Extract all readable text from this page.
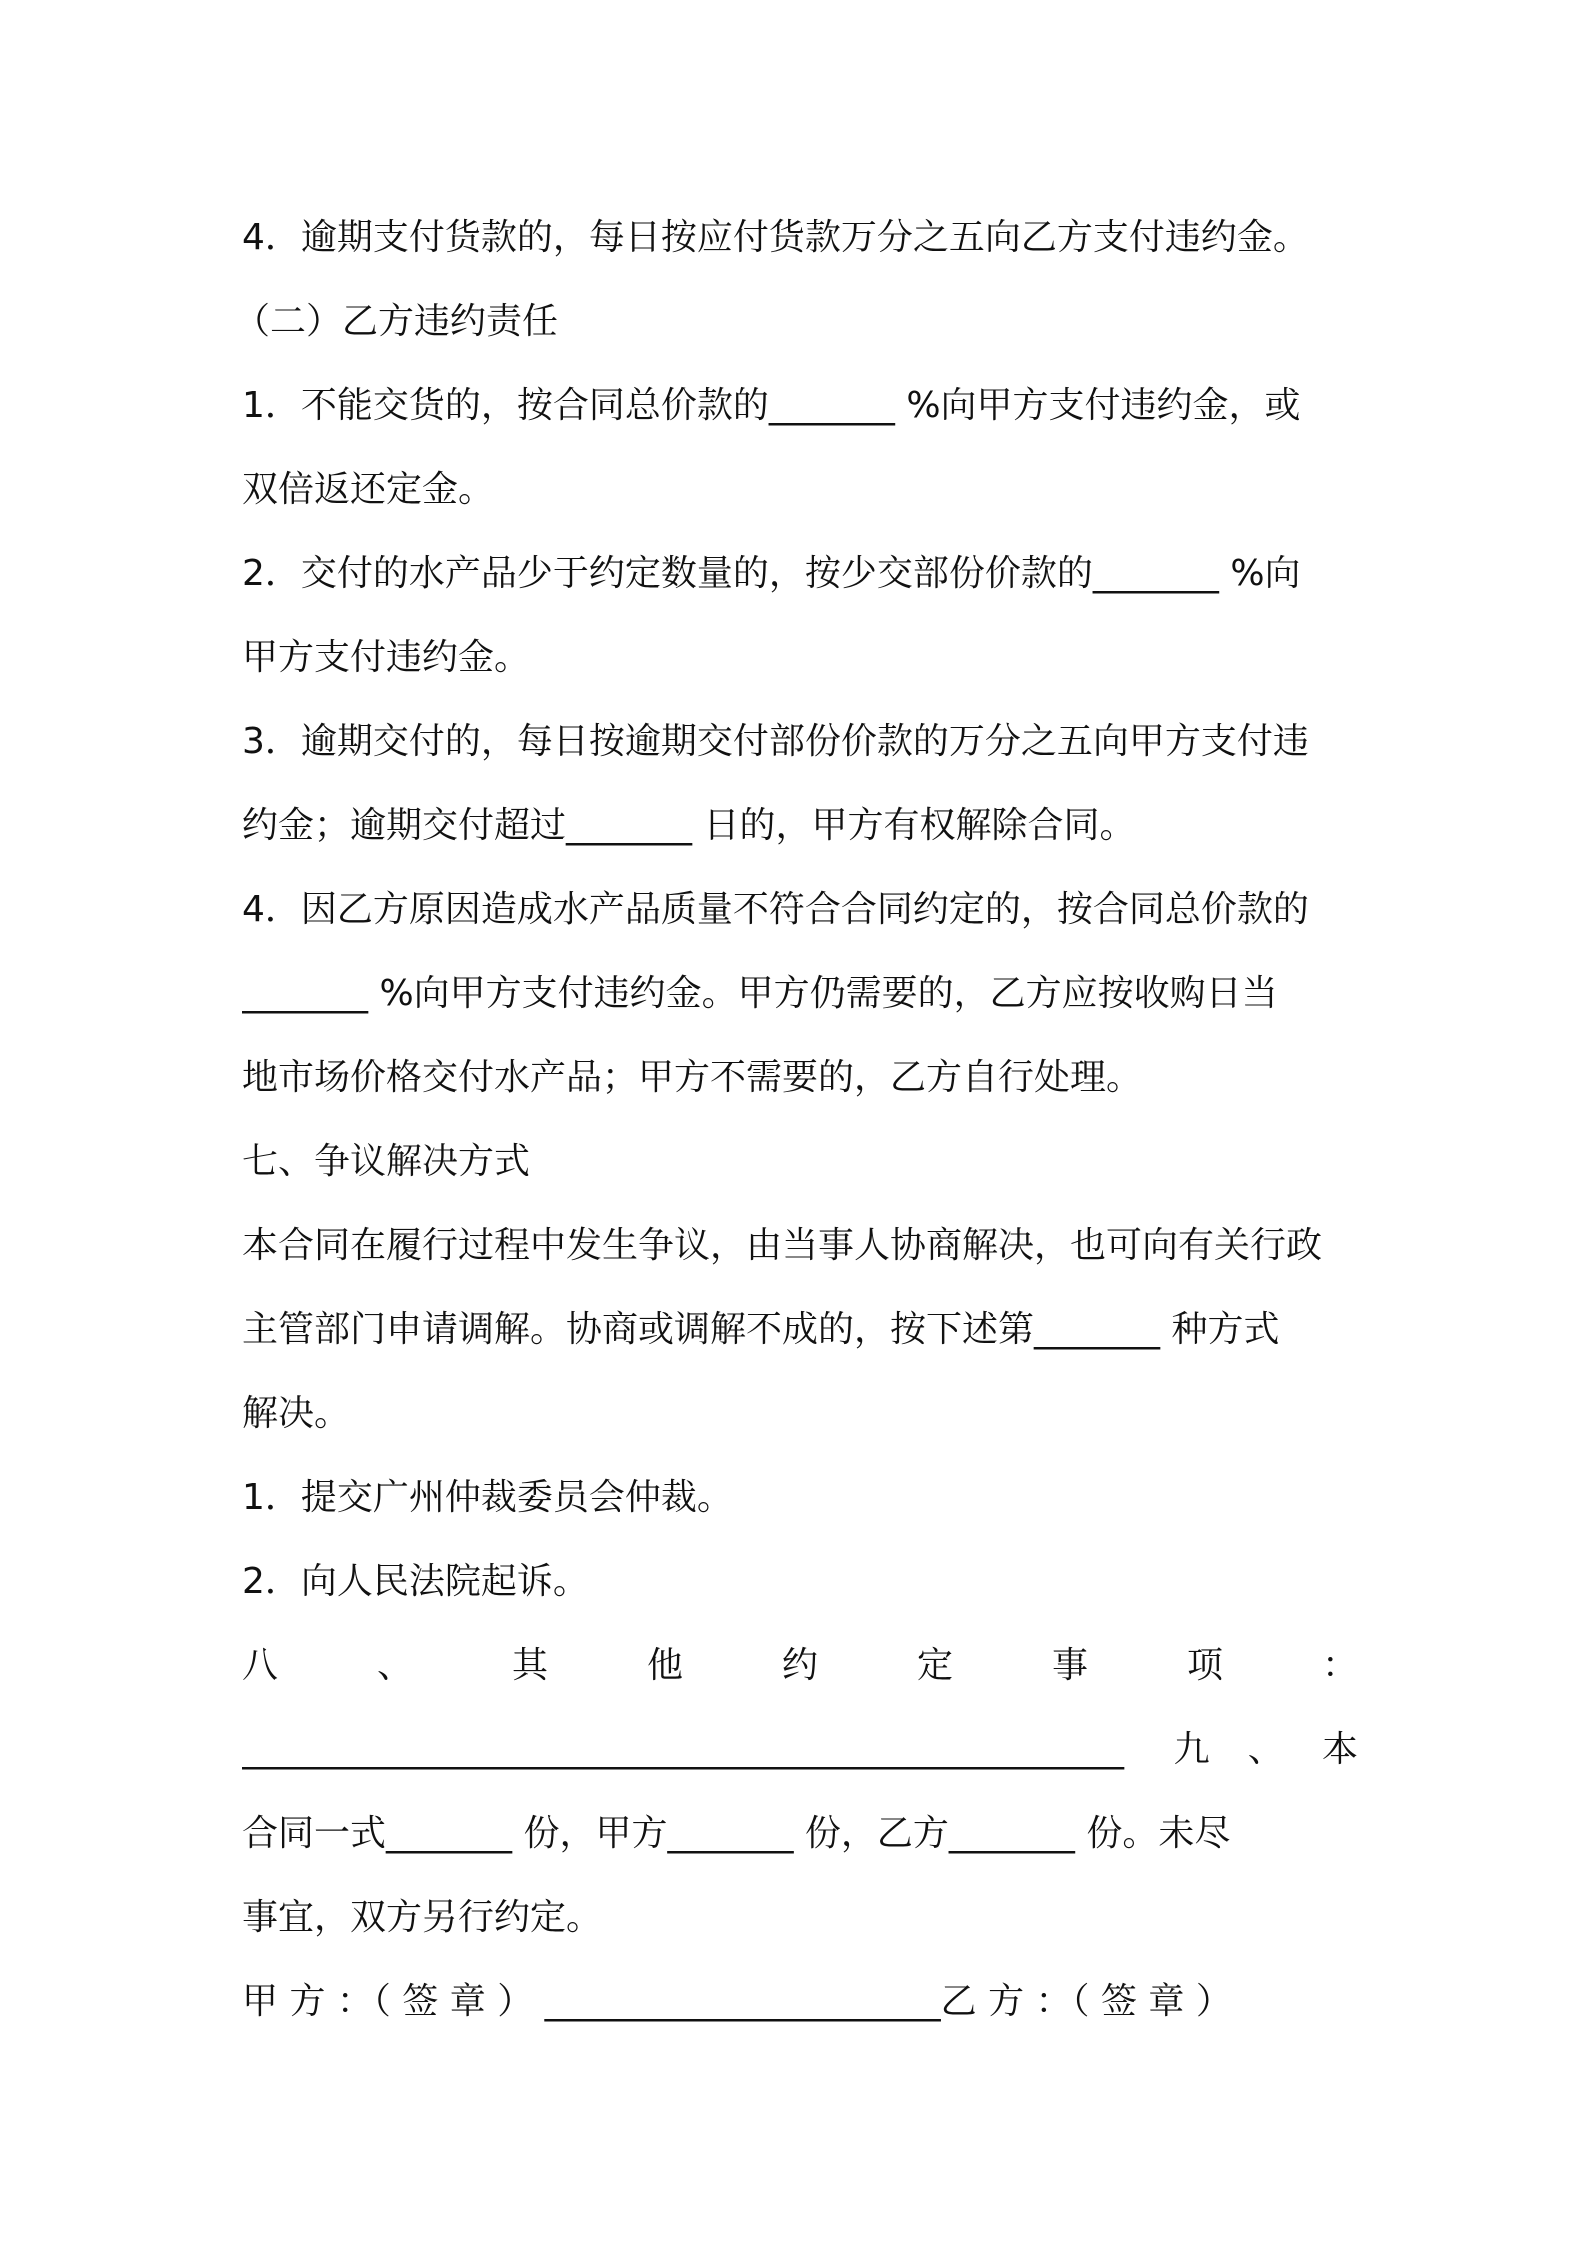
4．逾期支付货款的，每日按应付货款万分之五向乙方支付违约金。
（二）乙方违约责任
1．不能交货的，按合同总价款的_______ %向甲方支付违约金，或
双倍返还定金。
2．交付的水产品少于约定数量的，按少交部份价款的_______ %向
甲方支付违约金。
3．逾期交付的，每日按逾期交付部份价款的万分之五向甲方支付违
约金；逾期交付超过_______ 日的，甲方有权解除合同。
4．因乙方原因造成水产品质量不符合合同约定的，按合同总价款的
_______ %向甲方支付违约金。甲方仍需要的，乙方应按收购日当
地市场价格交付水产品；甲方不需要的，乙方自行处理。
七、争议解决方式
本合同在履行过程中发生争议，由当事人协商解决，也可向有关行政
主管部门申请调解。协商或调解不成的，按下述第_______ 种方式
解决。
1．提交广州仲裁委员会仲裁。
2．向人民法院起诉。
八 、 其 他 约 定 事 项 ：
_________________________________________________ 九、本
合同一式_______ 份，甲方_______ 份，乙方_______ 份。未尽
事宜，双方另行约定。
甲 方 ：（ 签 章 ） ______________________乙 方 ：（ 签 章 ）
